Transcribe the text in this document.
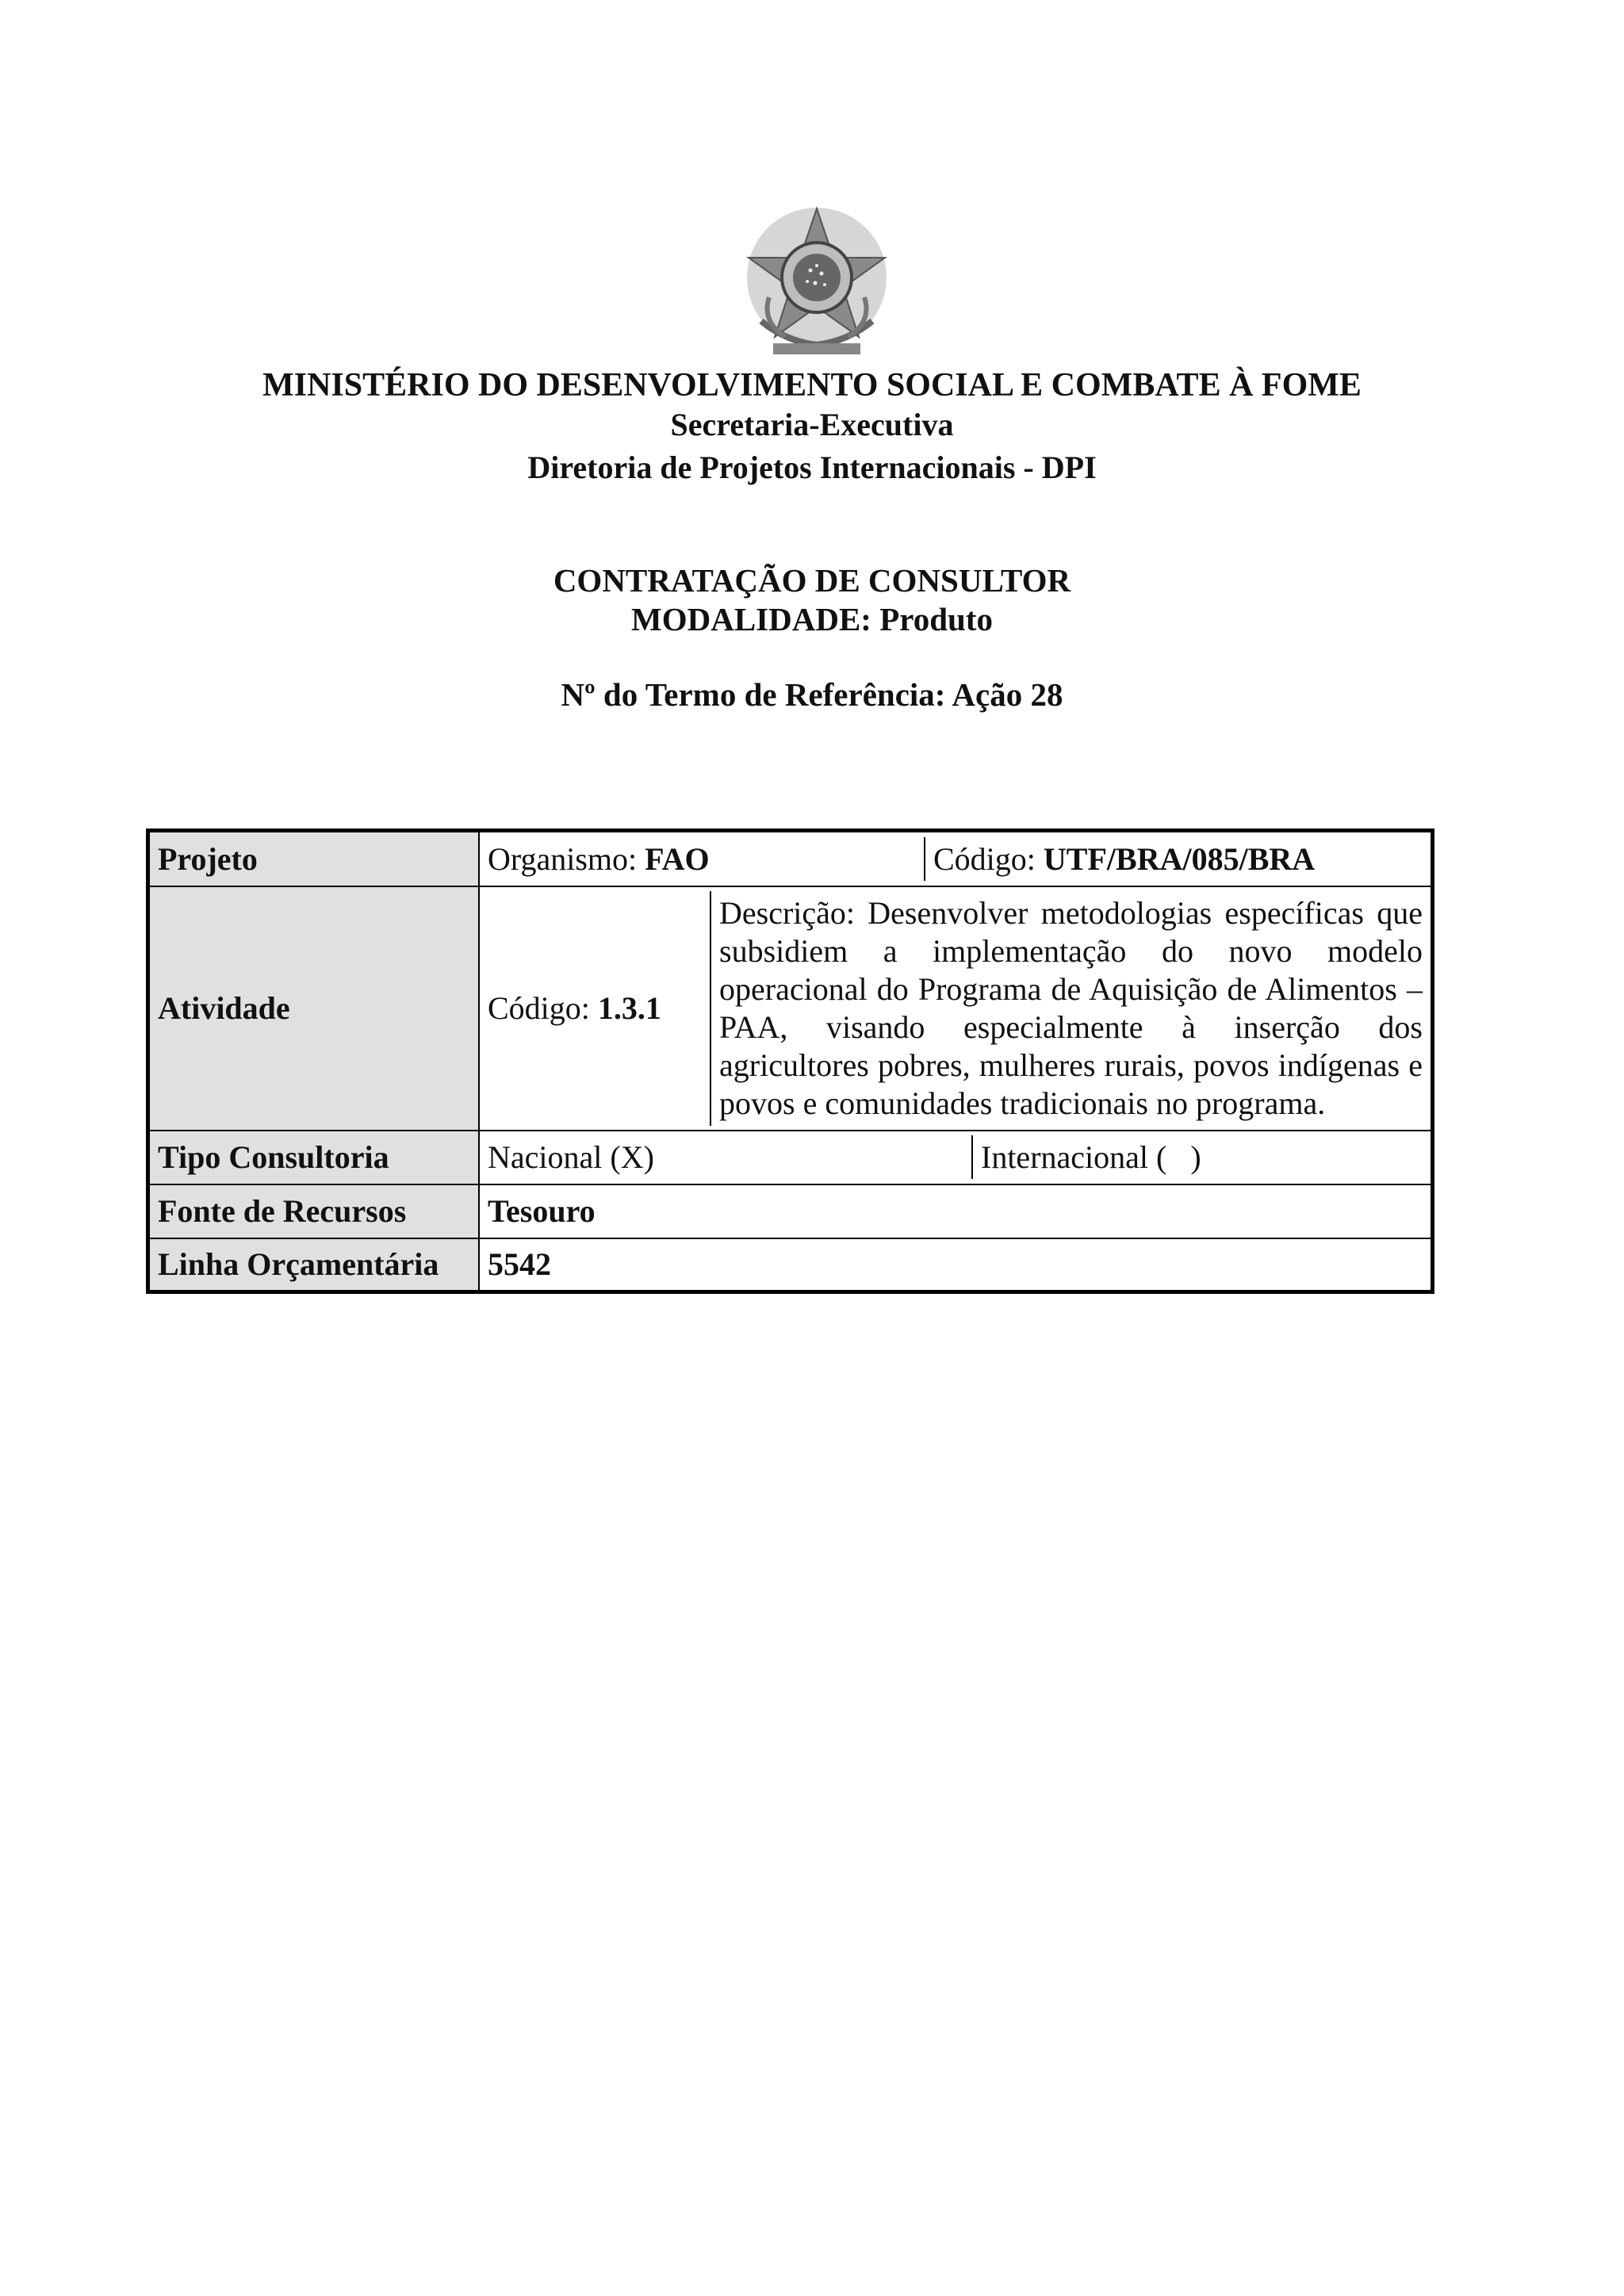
MINISTÉRIO DO DESENVOLVIMENTO SOCIAL E COMBATE À FOME
Secretaria-Executiva
Diretoria de Projetos Internacionais - DPI
CONTRATAÇÃO DE CONSULTOR
MODALIDADE: Produto
Nº do Termo de Referência: Ação 28
Projeto		Organismo: FAO	Código: UTF/BRA/085/BRA

Atividade		Código: 1.3.1	Descrição: Desenvolver metodologias específicas que subsidiem a implementação do novo modelo operacional do Programa de Aquisição de Alimentos – PAA, visando especialmente à inserção dos agricultores pobres, mulheres rurais, povos indígenas e povos e comunidades tradicionais no programa.

Tipo Consultoria		Nacional (X)	Internacional (   )

Fonte de Recursos	Tesouro
Linha Orçamentária	5542
